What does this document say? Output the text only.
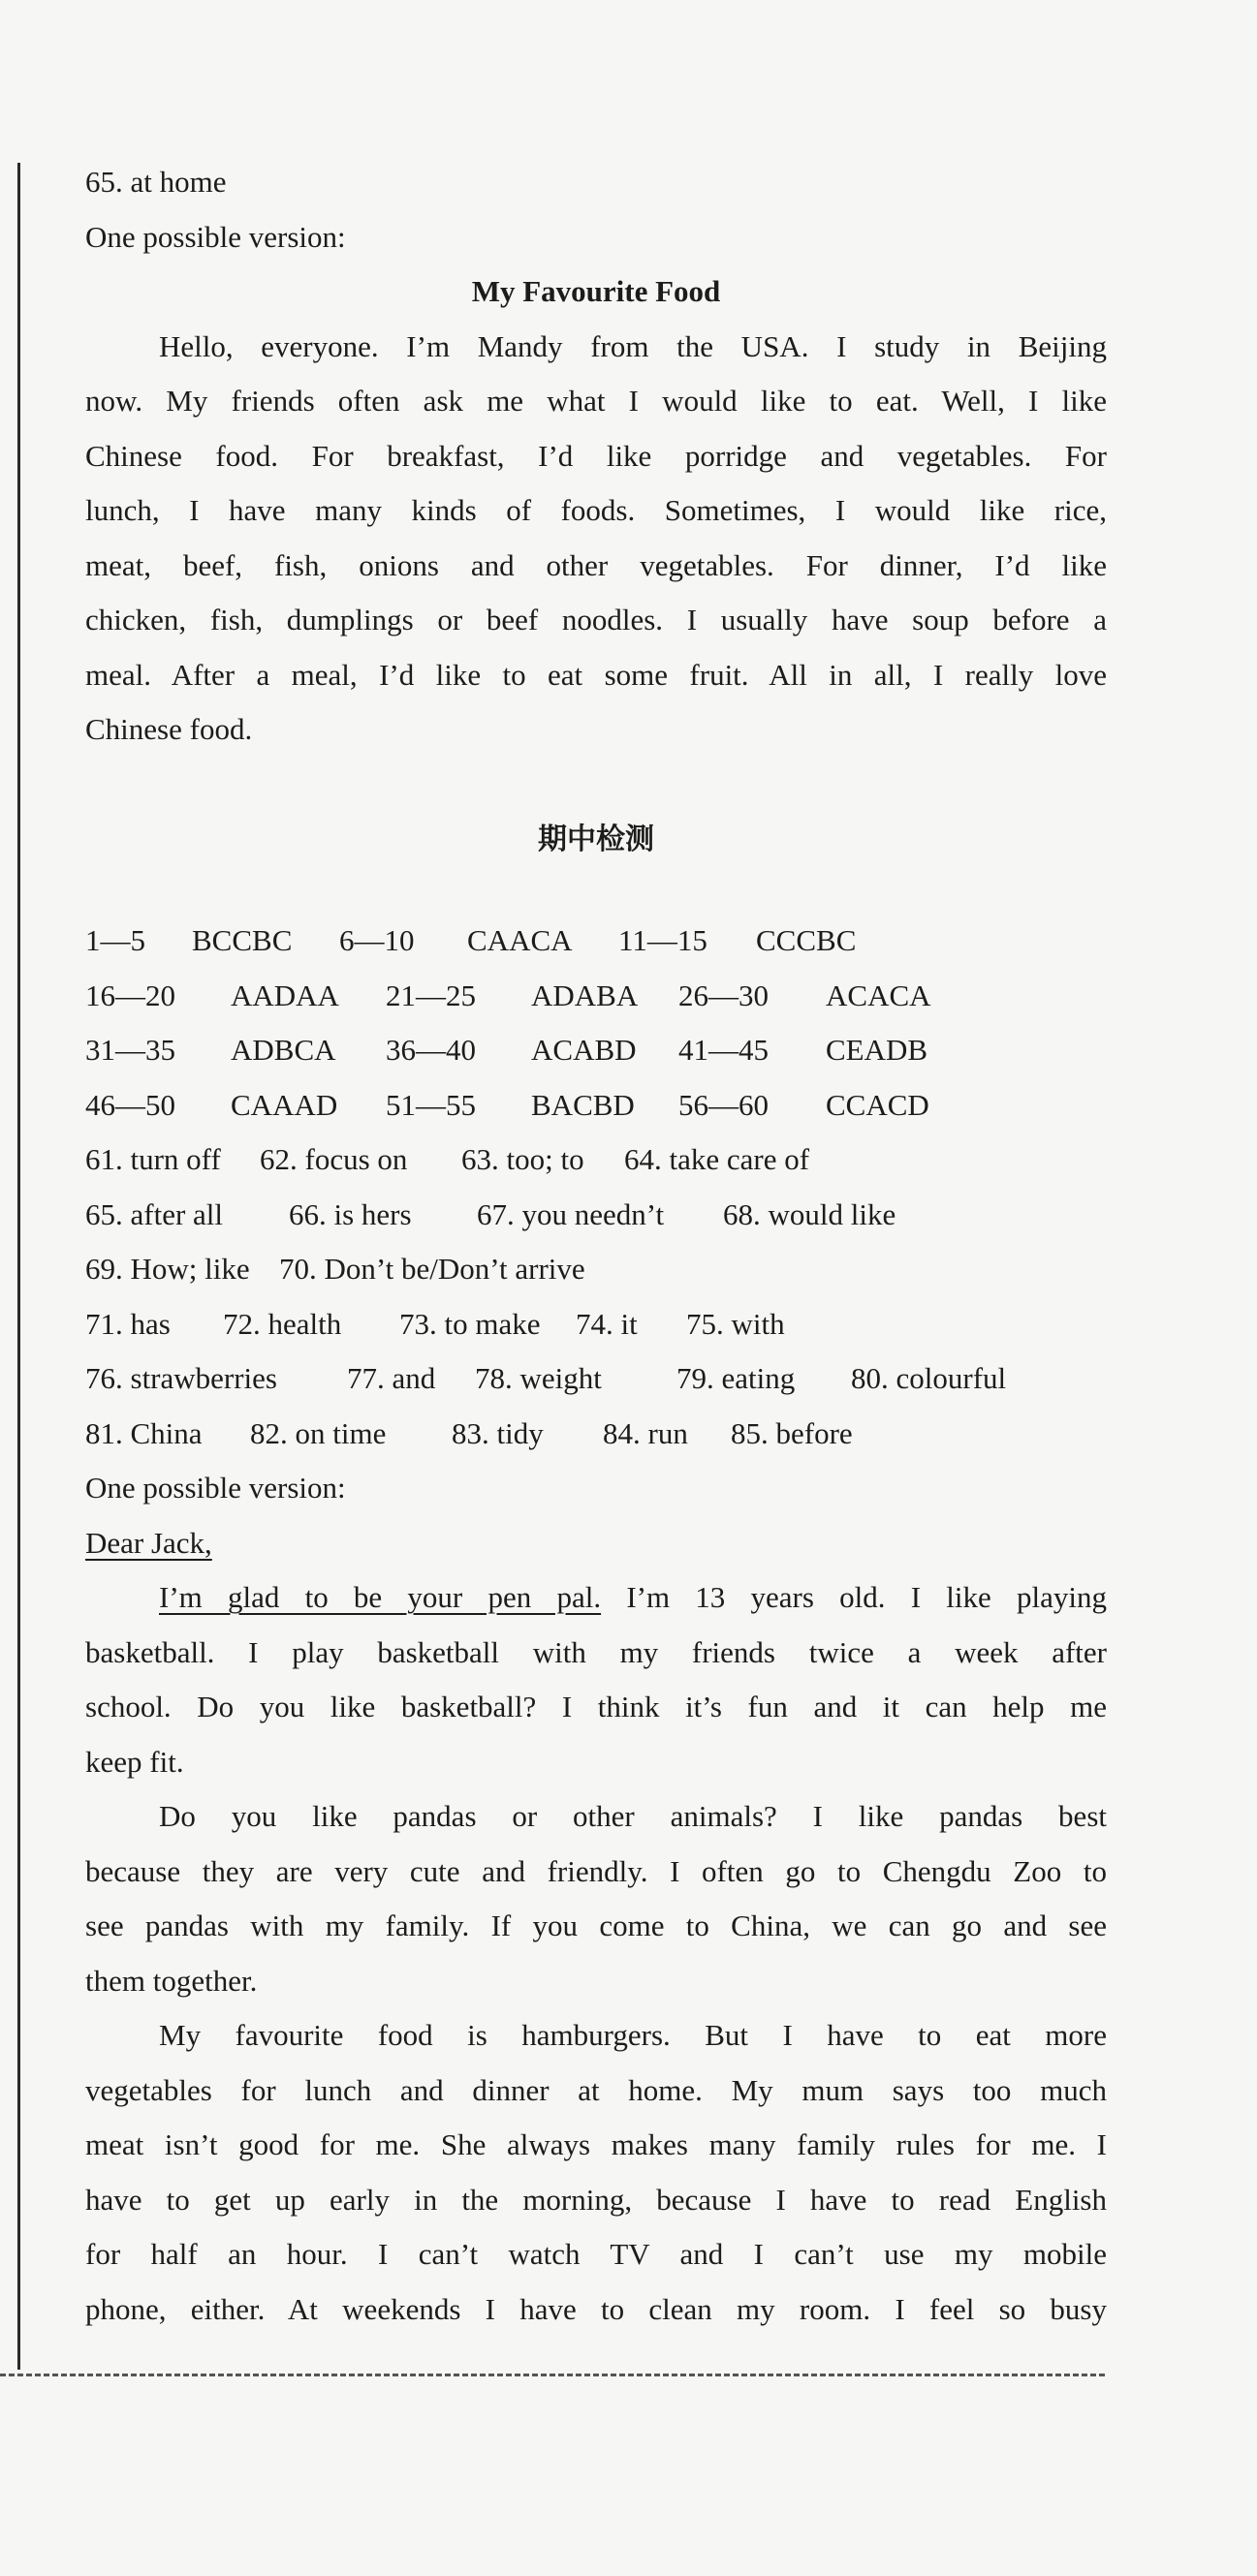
65. at home
One possible version:
My Favourite Food
Hello, everyone. I’m Mandy from the USA. I study in Beijing
now. My friends often ask me what I would like to eat. Well, I like
Chinese food. For breakfast, I’d like porridge and vegetables. For
lunch, I have many kinds of foods. Sometimes, I would like rice,
meat, beef, fish, onions and other vegetables. For dinner, I’d like
chicken, fish, dumplings or beef noodles. I usually have soup before a
meal. After a meal, I’d like to eat some fruit. All in all, I really love
Chinese food.
期中检测
1—5 BCCBC 6—10 CAACA 11—15 CCCBC
16—20 AADAA 21—25 ADABA 26—30 ACACA
31—35 ADBCA 36—40 ACABD 41—45 CEADB
46—50 CAAAD 51—55 BACBD 56—60 CCACD
61. turn off 62. focus on 63. too; to 64. take care of
65. after all 66. is hers 67. you needn’t 68. would like
69. How; like 70. Don’t be/Don’t arrive
71. has 72. health 73. to make 74. it 75. with
76. strawberries 77. and 78. weight 79. eating 80. colourful
81. China 82. on time 83. tidy 84. run 85. before
One possible version:
Dear Jack,
I’m glad to be your pen pal. I’m 13 years old. I like playing
basketball. I play basketball with my friends twice a week after
school. Do you like basketball? I think it’s fun and it can help me
keep fit.
Do you like pandas or other animals? I like pandas best
because they are very cute and friendly. I often go to Chengdu Zoo to
see pandas with my family. If you come to China, we can go and see
them together.
My favourite food is hamburgers. But I have to eat more
vegetables for lunch and dinner at home. My mum says too much
meat isn’t good for me. She always makes many family rules for me. I
have to get up early in the morning, because I have to read English
for half an hour. I can’t watch TV and I can’t use my mobile
phone, either. At weekends I have to clean my room. I feel so busy
